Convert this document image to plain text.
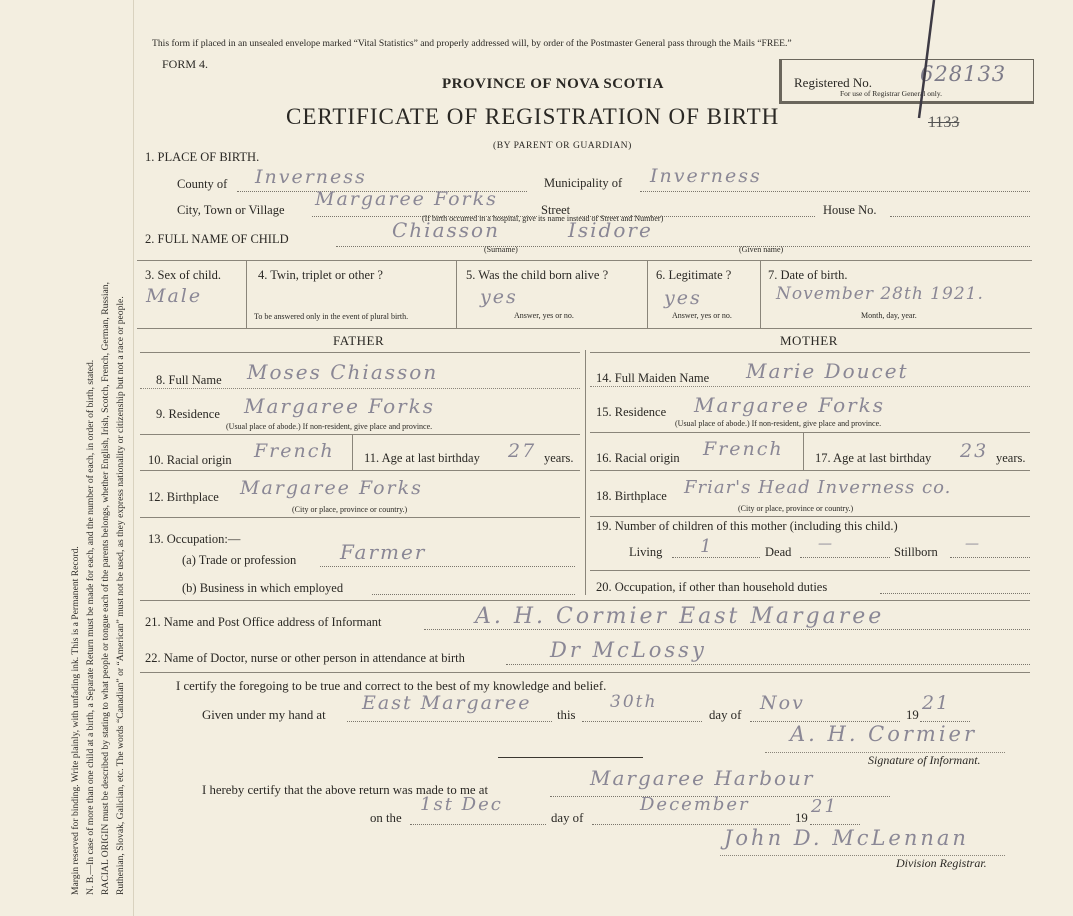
Margin reserved for binding. Write plainly, with unfading ink. This is a Permanent Record. N. B.—In case of more than one child at a birth, a Separate Return must be made for each, and the number of each, in order of birth, stated. RACIAL ORIGIN must be described by stating to what people or tongue each of the parents belongs, whether English, Irish, Scotch, French, German, Russian, Ruthenian, Slovak, Galician, etc. The words “Canadian” or “American” must not be used, as they express nationality or citizenship but not a race or people.
This form if placed in an unsealed envelope marked “Vital Statistics” and properly addressed will, by order of the Postmaster General pass through the Mails “FREE.”
FORM 4.
PROVINCE OF NOVA SCOTIA
CERTIFICATE OF REGISTRATION OF BIRTH
(BY PARENT OR GUARDIAN)
Registered No. 628133
For use of Registrar General only.
1133
1. PLACE OF BIRTH.
County of Inverness	Municipality of Inverness
City, Town or Village Margaree Forks	Street
(If birth occurred in a hospital, give its name instead of Street and Number)
House No.
2. FULL NAME OF CHILD	Chiasson	Isidore
(Surname)	(Given name)
3. Sex of child.
Male
4. Twin, triplet or other ?
To be answered only in the event of plural birth.
5. Was the child born alive ?
yes
Answer, yes or no.
6. Legitimate ?
yes
Answer, yes or no.
7. Date of birth.
November 28th 1921.
Month, day, year.
FATHER	MOTHER
8. Full Name Moses Chiasson
9. Residence Margaree Forks
(Usual place of abode.) If non-resident, give place and province.
10. Racial origin French 11. Age at last birthday 27 years.
12. Birthplace Margaree Forks
(City or place, province or country.)
13. Occupation:—
(a) Trade or profession Farmer
(b) Business in which employed
14. Full Maiden Name Marie Doucet
15. Residence Margaree Forks
(Usual place of abode.) If non-resident, give place and province.
16. Racial origin French	17. Age at last birthday 23 years.
18. Birthplace Friar's Head Inverness co.
(City or place, province or country.)
19. Number of children of this mother (including this child.)
Living 1	Dead —	Stillborn —
20. Occupation, if other than household duties
21. Name and Post Office address of Informant	A. H. Cormier East Margaree
22. Name of Doctor, nurse or other person in attendance at birth	Dr McLossy
I certify the foregoing to be true and correct to the best of my knowledge and belief.
Given under my hand at
East Margaree
this
30th
day of
Nov
19
21
A. H. Cormier
Signature of Informant.
I hereby certify that the above return was made to me at	Margaree Harbour
on the
1st Dec
day of
December
19
21
John D. McLennan
Division Registrar.
